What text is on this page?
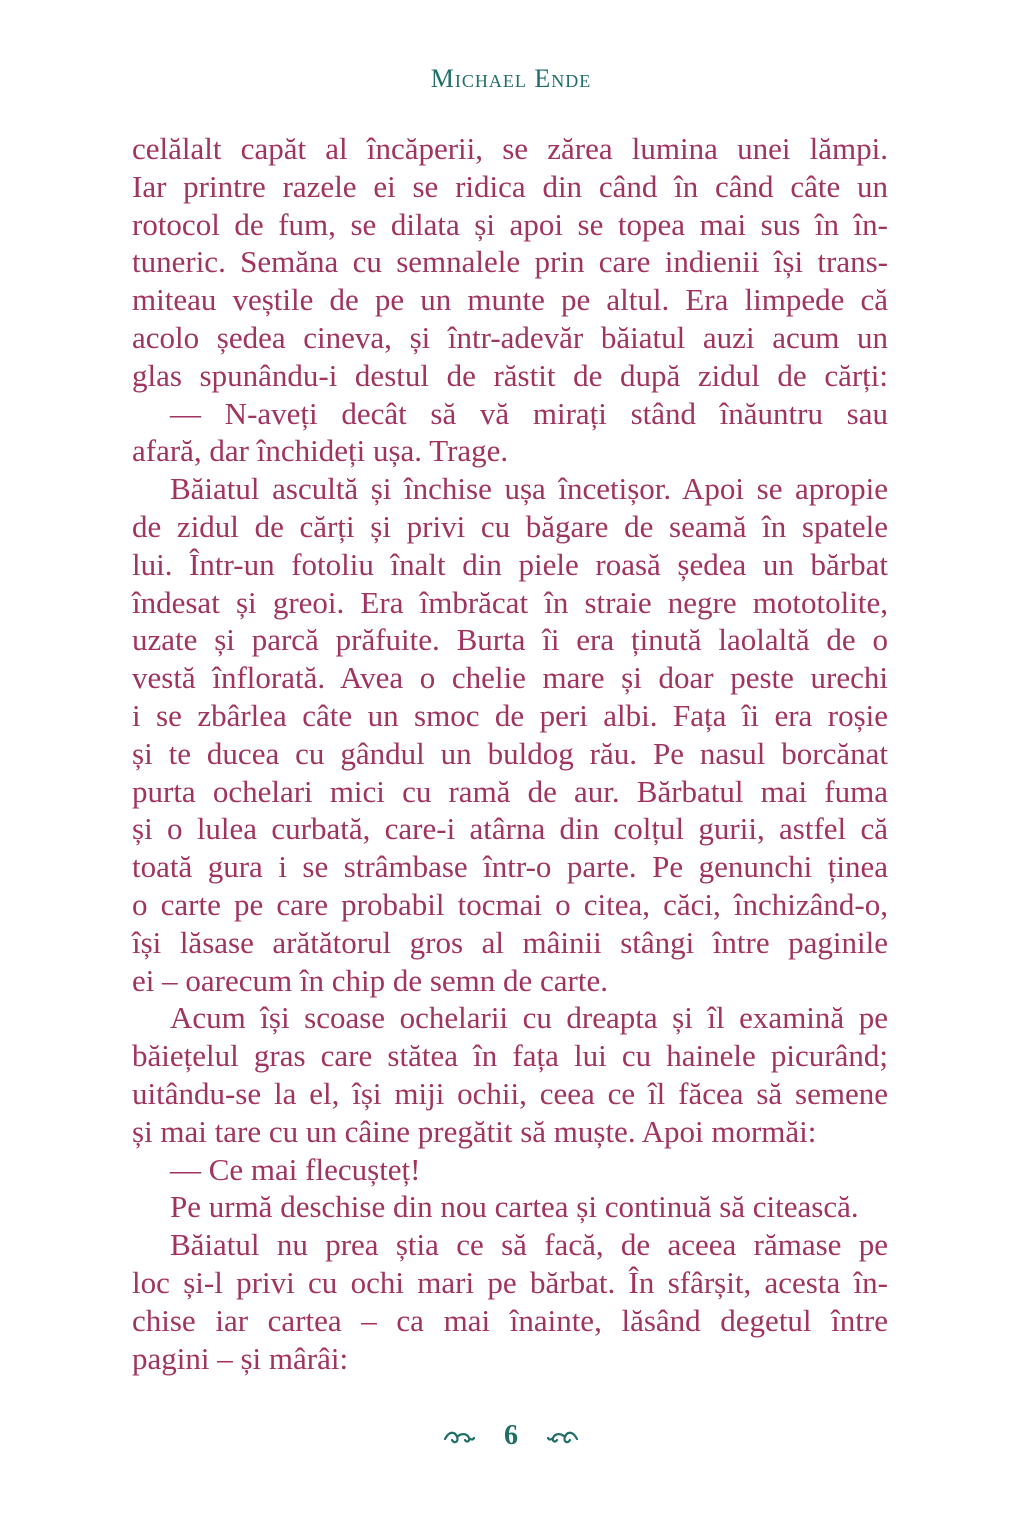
Michael Ende
celălalt capăt al încăperii, se zărea lumina unei lămpi.
Iar printre razele ei se ridica din când în când câte un
rotocol de fum, se dilata și apoi se topea mai sus în în-
tuneric. Semăna cu semnalele prin care indienii își trans-
miteau veștile de pe un munte pe altul. Era limpede că
acolo ședea cineva, și într-adevăr băiatul auzi acum un
glas spunându-i destul de răstit de după zidul de cărți:
— N-aveți decât să vă mirați stând înăuntru sau
afară, dar închideți ușa. Trage.
Băiatul ascultă și închise ușa încetișor. Apoi se apropie
de zidul de cărți și privi cu băgare de seamă în spatele
lui. Într-un fotoliu înalt din piele roasă ședea un bărbat
îndesat și greoi. Era îmbrăcat în straie negre mototolite,
uzate și parcă prăfuite. Burta îi era ținută laolaltă de o
vestă înflorată. Avea o chelie mare și doar peste urechi
i se zbârlea câte un smoc de peri albi. Fața îi era roșie
și te ducea cu gândul un buldog rău. Pe nasul borcănat
purta ochelari mici cu ramă de aur. Bărbatul mai fuma
și o lulea curbată, care-i atârna din colțul gurii, astfel că
toată gura i se strâmbase într-o parte. Pe genunchi ținea
o carte pe care probabil tocmai o citea, căci, închizând-o,
își lăsase arătătorul gros al mâinii stângi între paginile
ei – oarecum în chip de semn de carte.
Acum își scoase ochelarii cu dreapta și îl examină pe
băiețelul gras care stătea în fața lui cu hainele picurând;
uitându-se la el, își miji ochii, ceea ce îl făcea să semene
și mai tare cu un câine pregătit să muște. Apoi mormăi:
— Ce mai flecușteț!
Pe urmă deschise din nou cartea și continuă să citească.
Băiatul nu prea știa ce să facă, de aceea rămase pe
loc și-l privi cu ochi mari pe bărbat. În sfârșit, acesta în-
chise iar cartea – ca mai înainte, lăsând degetul între
pagini – și mârâi:
6
